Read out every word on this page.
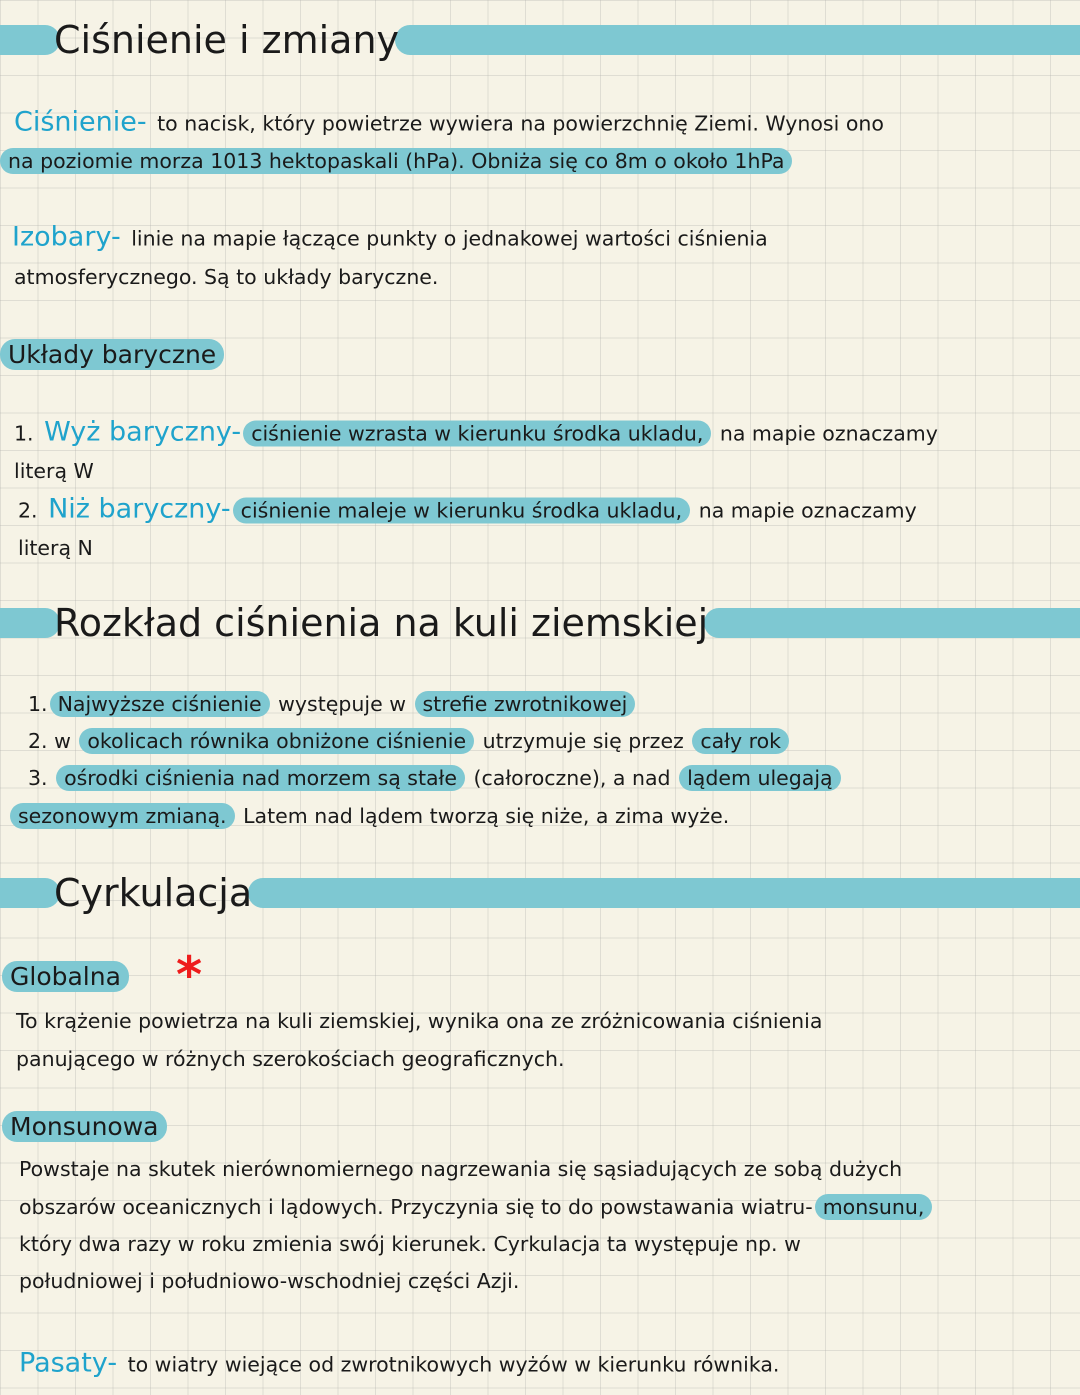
Ciśnienie i zmiany
Ciśnienie- to nacisk, który powietrze wywiera na powierzchnię Ziemi. Wynosi ono
na poziomie morza 1013 hektopaskali (hPa). Obniża się co 8m o około 1hPa
Izobary- linie na mapie łączące punkty o jednakowej wartości ciśnienia
atmosferycznego. Są to układy baryczne.
Układy baryczne
1. Wyż baryczny- ciśnienie wzrasta w kierunku środka ukladu, na mapie oznaczamy
literą W
2. Niż baryczny- ciśnienie maleje w kierunku środka ukladu, na mapie oznaczamy
literą N
Rozkład ciśnienia na kuli ziemskiej
1. Najwyższe ciśnienie występuje w strefie zwrotnikowej
2. w okolicach równika obniżone ciśnienie utrzymuje się przez cały rok
3. ośrodki ciśnienia nad morzem są stałe (całoroczne), a nad lądem ulegają
sezonowym zmianą. Latem nad lądem tworzą się niże, a zima wyże.
Cyrkulacja
Globalna
To krążenie powietrza na kuli ziemskiej, wynika ona ze zróżnicowania ciśnienia
panującego w różnych szerokościach geograficznych.
Monsunowa
Powstaje na skutek nierównomiernego nagrzewania się sąsiadujących ze sobą dużych
obszarów oceanicznych i lądowych. Przyczynia się to do powstawania wiatru- monsunu,
który dwa razy w roku zmienia swój kierunek. Cyrkulacja ta występuje np. w
południowej i południowo-wschodniej części Azji.
Pasaty- to wiatry wiejące od zwrotnikowych wyżów w kierunku równika.
*
